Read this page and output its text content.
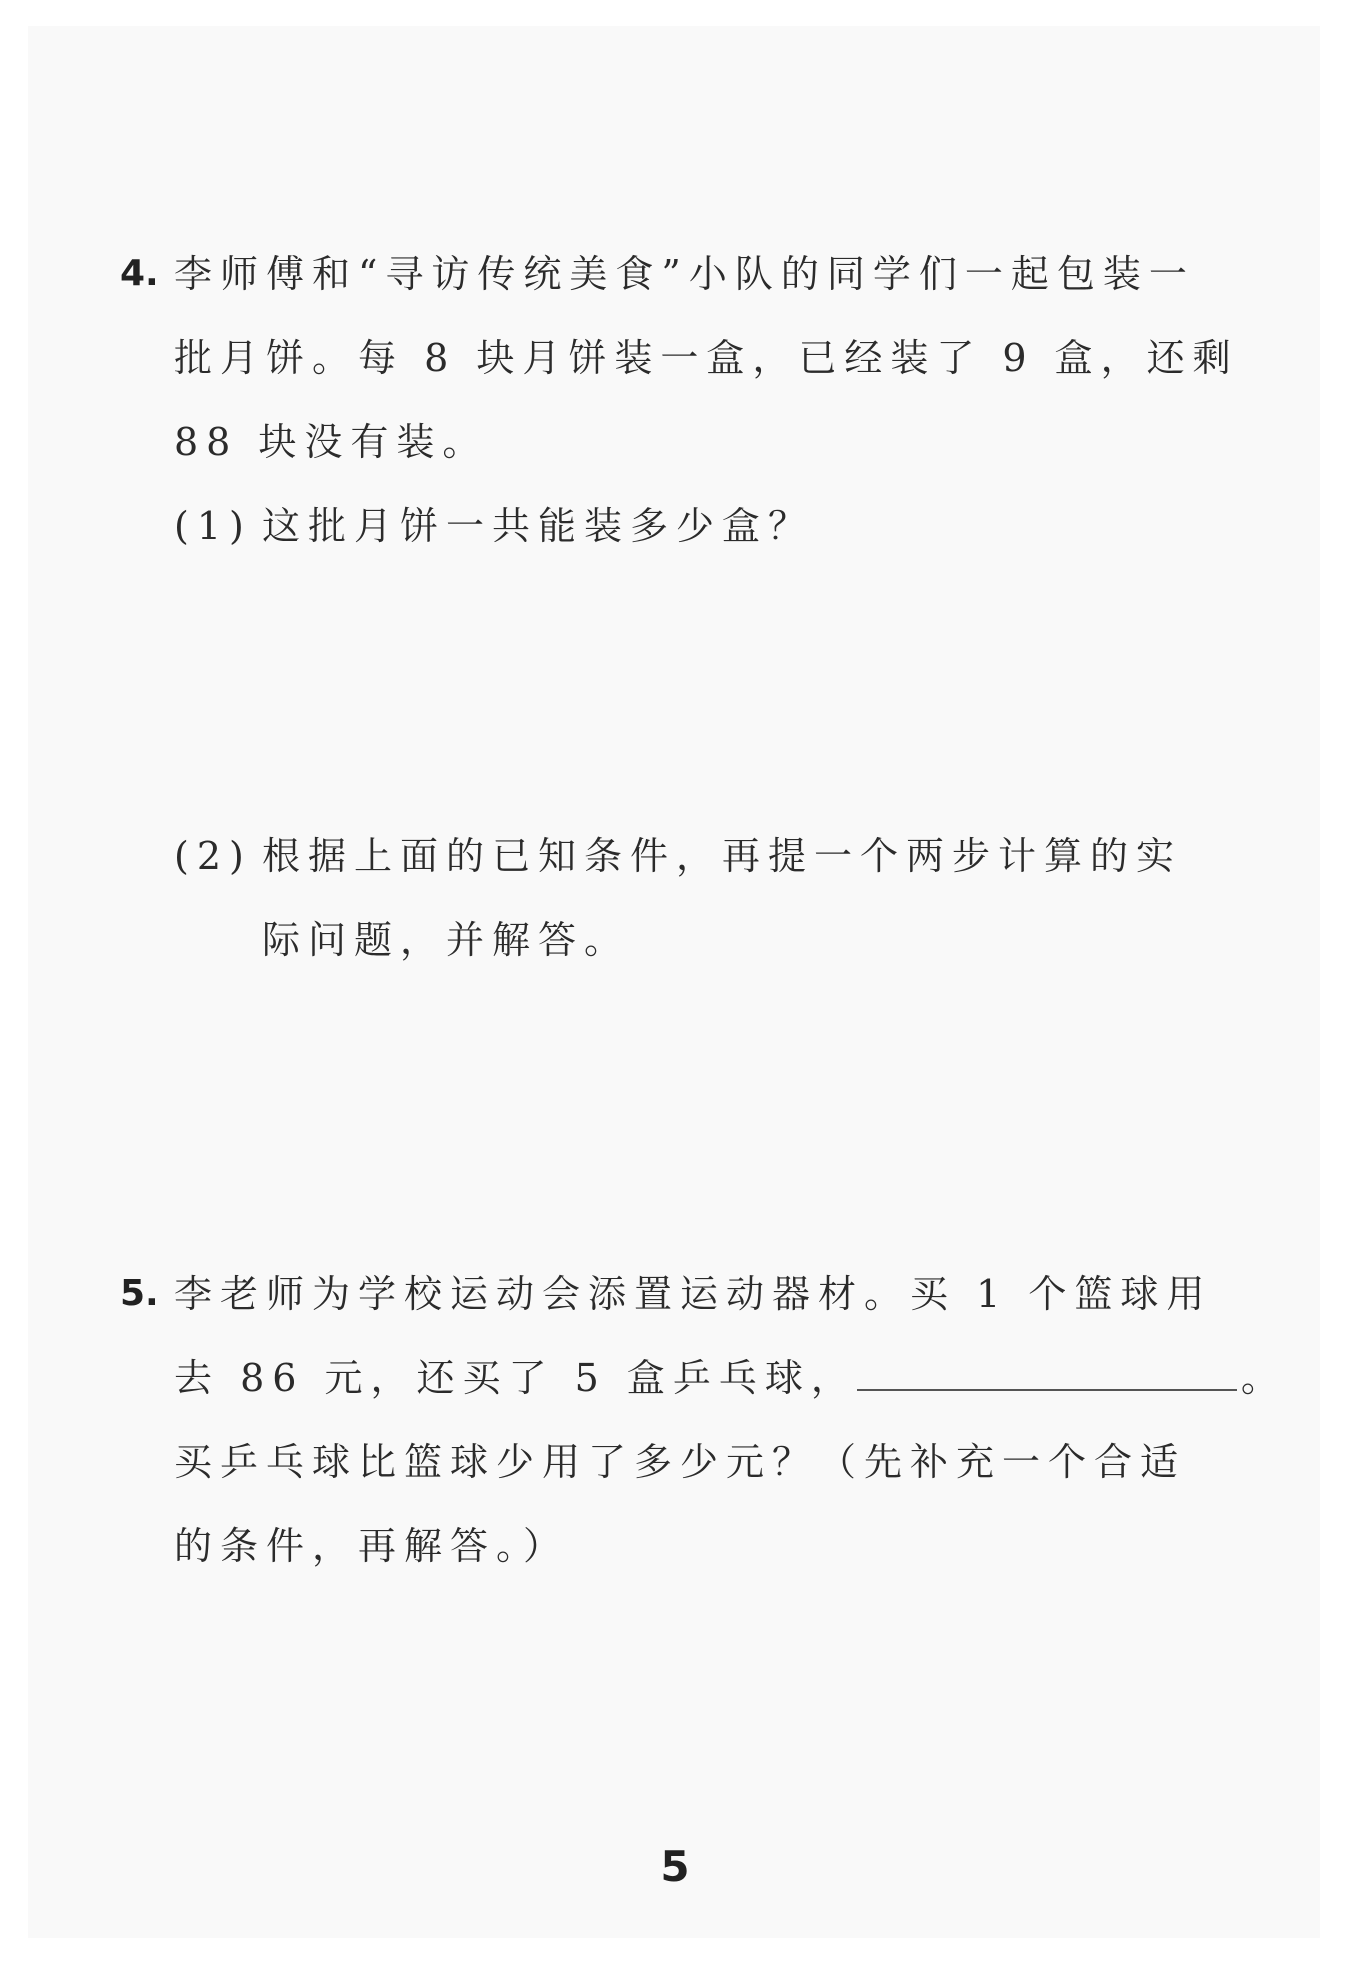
4. 李师傅和“寻访传统美食”小队的同学们一起包装一
批月饼。每 8 块月饼装一盒，已经装了 9 盒，还剩
88 块没有装。
(1) 这批月饼一共能装多少盒？
(2) 根据上面的已知条件，再提一个两步计算的实
际问题，并解答。
5. 李老师为学校运动会添置运动器材。买 1 个篮球用
去 86 元，还买了 5 盒乒乓球，	。
买乒乓球比篮球少用了多少元？（先补充一个合适
的条件，再解答。）
5
